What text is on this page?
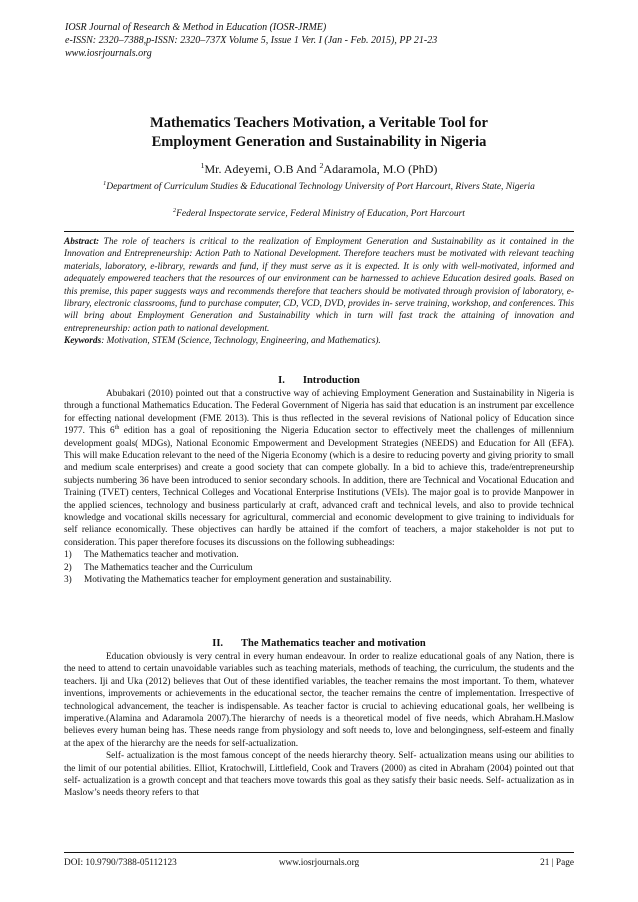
IOSR Journal of Research & Method in Education (IOSR-JRME)
e-ISSN: 2320–7388,p-ISSN: 2320–737X Volume 5, Issue 1 Ver. I (Jan - Feb. 2015), PP 21-23
www.iosrjournals.org
Mathematics Teachers Motivation, a Veritable Tool for
Employment Generation and Sustainability in Nigeria
$^1$Mr. Adeyemi, O.B And $^2$Adaramola, M.O (PhD)
$^1$Department of Curriculum Studies & Educational Technology University of Port Harcourt, Rivers State, Nigeria
$^2$Federal Inspectorate service, Federal Ministry of Education, Port Harcourt
Abstract: The role of teachers is critical to the realization of Employment Generation and Sustainability as it contained in the Innovation and Entrepreneurship: Action Path to National Development. Therefore teachers must be motivated with relevant teaching materials, laboratory, e-library, rewards and fund, if they must serve as it is expected. It is only with well-motivated, informed and adequately empowered teachers that the resources of our environment can be harnessed to achieve Education desired goals. Based on this premise, this paper suggests ways and recommends therefore that teachers should be motivated through provision of laboratory, e-library, electronic classrooms, fund to purchase computer, CD, VCD, DVD, provides in- serve training, workshop, and conferences. This will bring about Employment Generation and Sustainability which in turn will fast track the attaining of innovation and entrepreneurship: action path to national development.
Keywords: Motivation, STEM (Science, Technology, Engineering, and Mathematics).
I. Introduction

Abubakari (2010) pointed out that a constructive way of achieving Employment Generation and Sustainability in Nigeria is through a functional Mathematics Education. The Federal Government of Nigeria has said that education is an instrument par excellence for effecting national development (FME 2013). This is thus reflected in the several revisions of National policy of Education since 1977. This 6th edition has a goal of repositioning the Nigeria Education sector to effectively meet the challenges of millennium development goals( MDGs), National Economic Empowerment and Development Strategies (NEEDS) and Education for All (EFA). This will make Education relevant to the need of the Nigeria Economy (which is a desire to reducing poverty and giving priority to small and medium scale enterprises) and create a good society that can compete globally. In a bid to achieve this, trade/entrepreneurship subjects numbering 36 have been introduced to senior secondary schools. In addition, there are Technical and Vocational Education and Training (TVET) centers, Technical Colleges and Vocational Enterprise Institutions (VEIs). The major goal is to provide Manpower in the applied sciences, technology and business particularly at craft, advanced craft and technical levels, and also to provide technical knowledge and vocational skills necessary for agricultural, commercial and economic development to give training to individuals for self reliance economically. These objectives can hardly be attained if the comfort of teachers, a major stakeholder is not put to consideration. This paper therefore focuses its discussions on the following subheadings:

1)	The Mathematics teacher and motivation.
2)	The Mathematics teacher and the Curriculum
3)	Motivating the Mathematics teacher for employment generation and sustainability.
II. The Mathematics teacher and motivation

Education obviously is very central in every human endeavour. In order to realize educational goals of any Nation, there is the need to attend to certain unavoidable variables such as teaching materials, methods of teaching, the curriculum, the students and the teachers. Iji and Uka (2012) believes that Out of these identified variables, the teacher remains the most important. To them, whatever inventions, improvements or achievements in the educational sector, the teacher remains the centre of implementation. Irrespective of technological advancement, the teacher is indispensable. As teacher factor is crucial to achieving educational goals, her wellbeing is imperative.(Alamina and Adaramola 2007).The hierarchy of needs is a theoretical model of five needs, which Abraham.H.Maslow believes every human being has. These needs range from physiology and soft needs to, love and belongingness, self-esteem and finally at the apex of the hierarchy are the needs for self-actualization.

Self- actualization is the most famous concept of the needs hierarchy theory. Self- actualization means using our abilities to the limit of our potential abilities. Elliot, Kratochwill, Littlefield, Cook and Travers (2000) as cited in Abraham (2004) pointed out that self- actualization is a growth concept and that teachers move towards this goal as they satisfy their basic needs. Self- actualization as in Maslow’s needs theory refers to that

DOI: 10.9790/7388-05112123	www.iosrjournals.org	21 | Page
